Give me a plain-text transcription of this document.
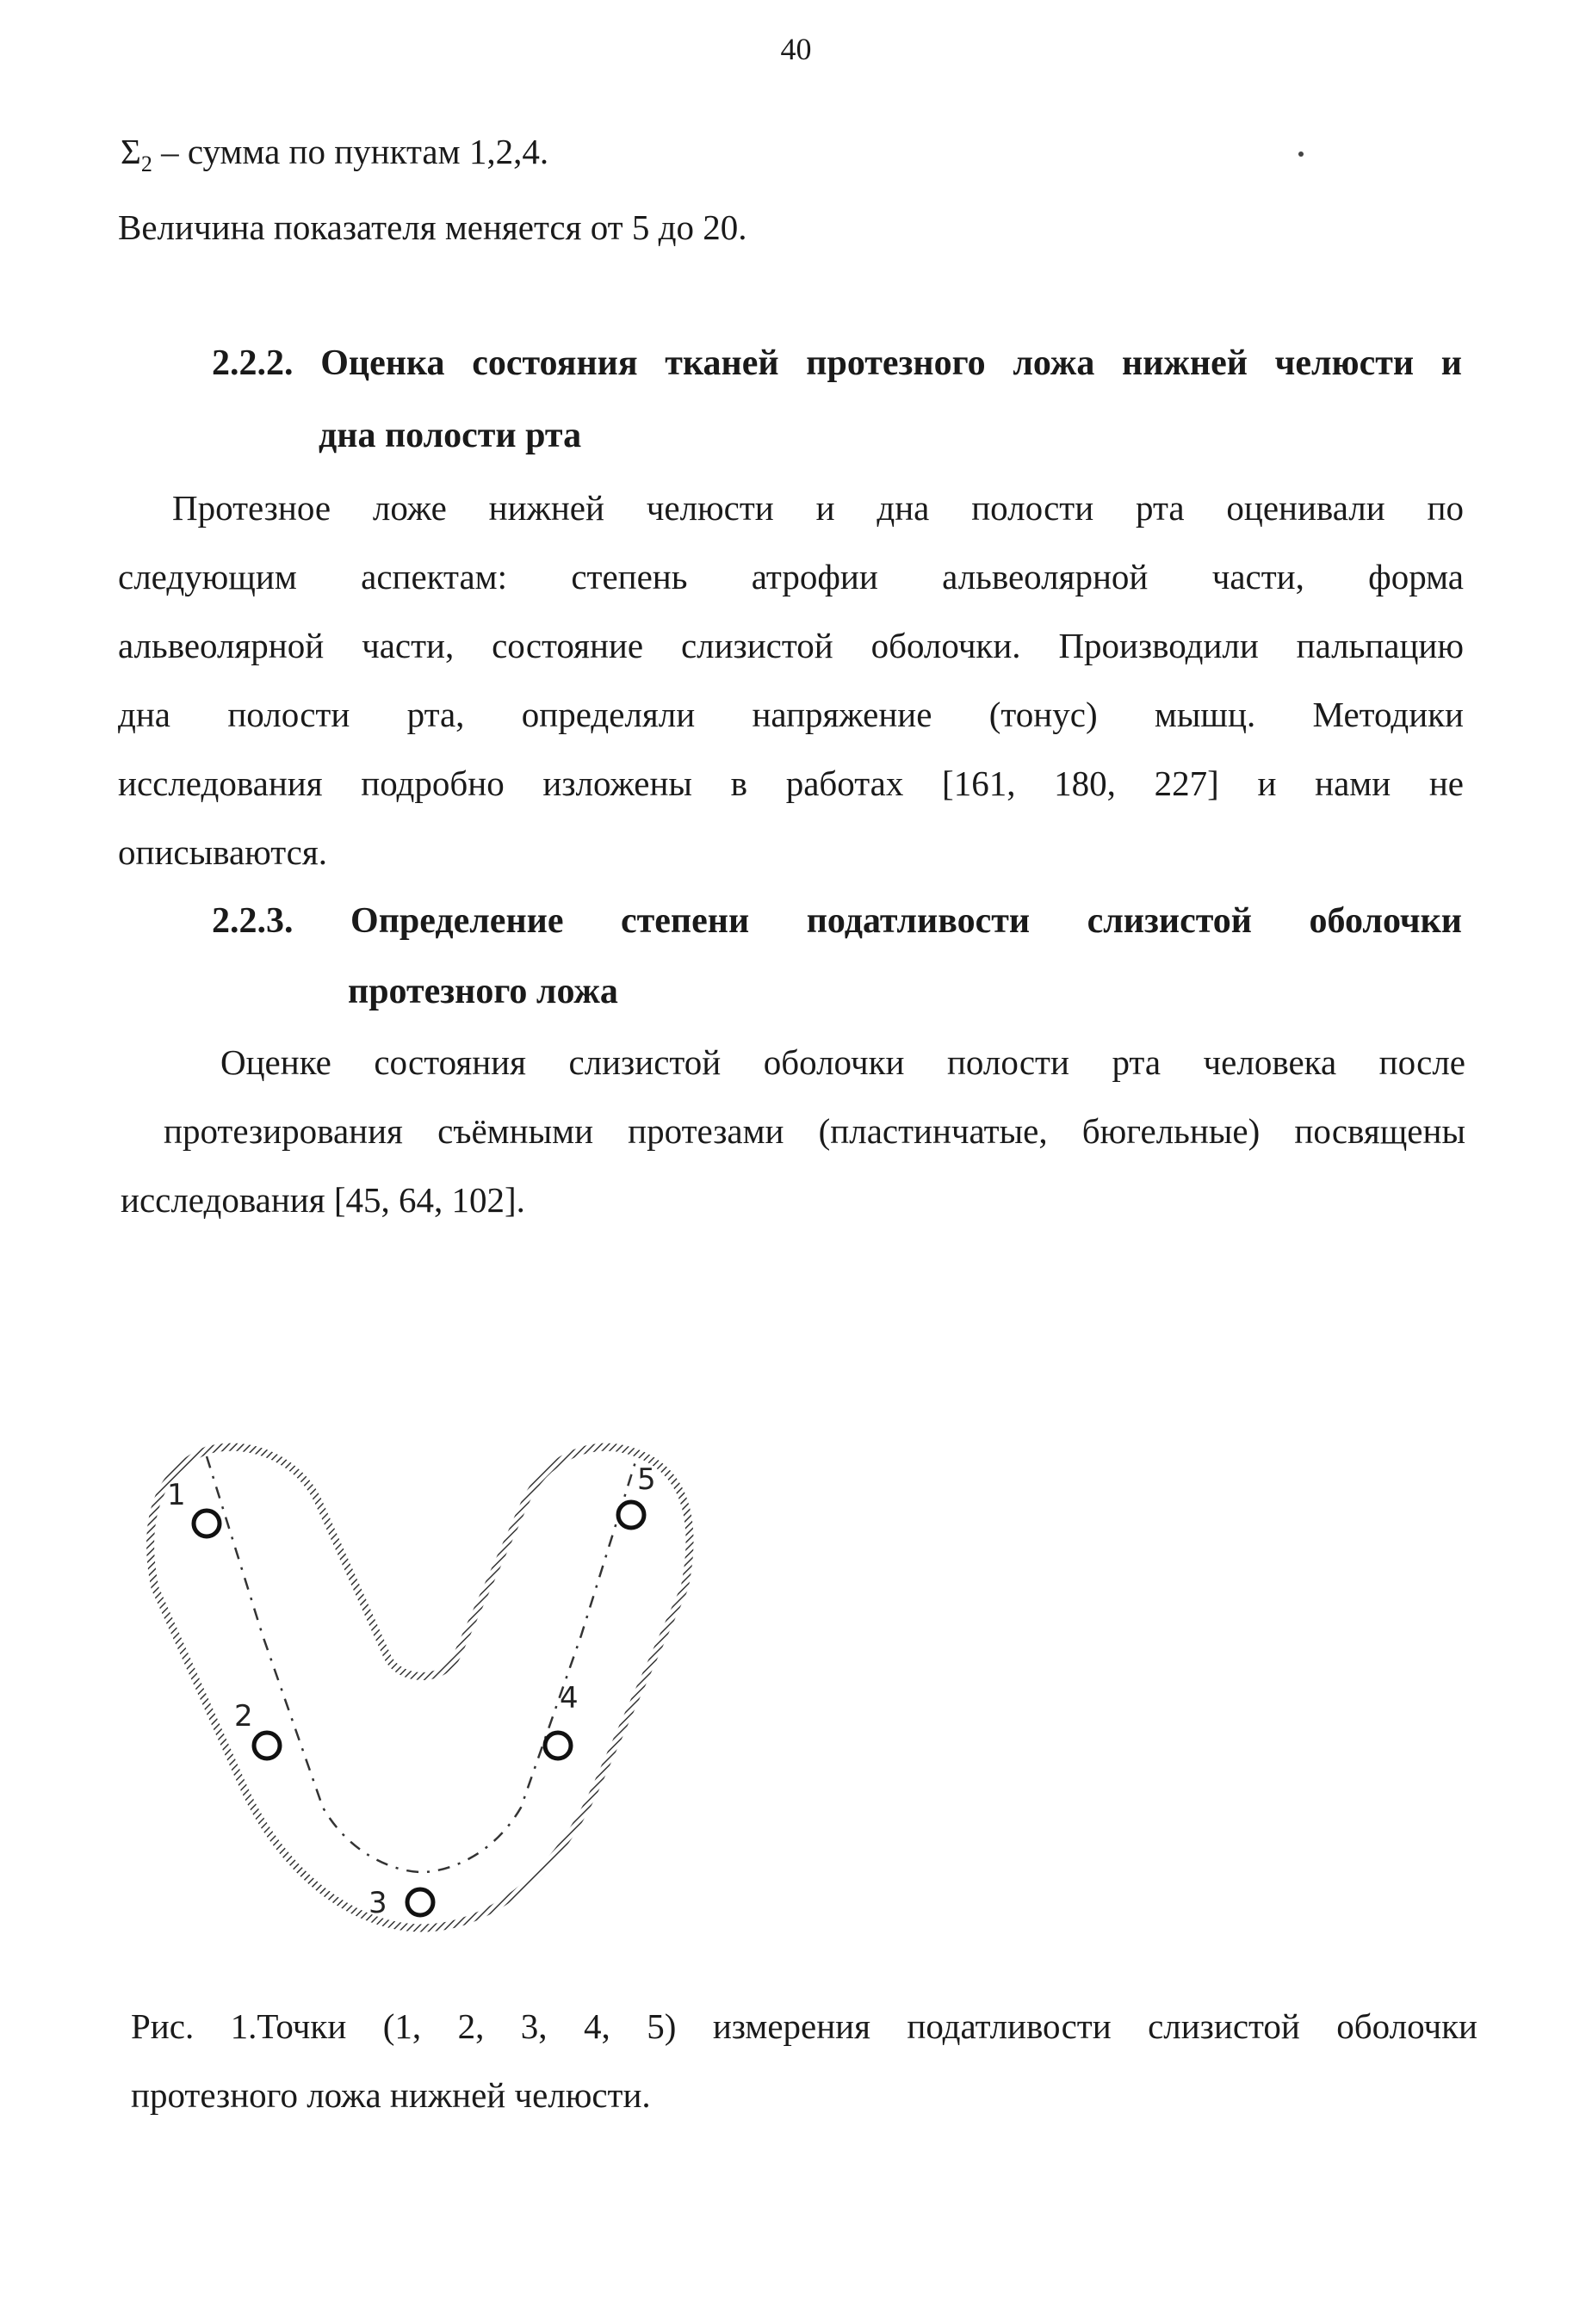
40
$\Sigma_2$ – сумма по пунктам 1,2,4.
Величина показателя меняется от 5 до 20.
2.2.2. Оценка состояния тканей протезного ложа нижней челюсти и
дна полости рта
Протезное ложе нижней челюсти и дна полости рта оценивали по
следующим аспектам: степень атрофии альвеолярной части, форма
альвеолярной части, состояние слизистой оболочки. Производили пальпацию
дна полости рта, определяли напряжение (тонус) мышц. Методики
исследования подробно изложены в работах [161, 180, 227] и нами не
описываются.
2.2.3. Определение степени податливости слизистой оболочки
протезного ложа
Оценке состояния слизистой оболочки полости рта человека после
протезирования съёмными протезами (пластинчатые, бюгельные) посвящены
исследования [45, 64, 102].
1
2
3
4
5
Рис. 1.Точки (1, 2, 3, 4, 5) измерения податливости слизистой оболочки
протезного ложа нижней челюсти.
